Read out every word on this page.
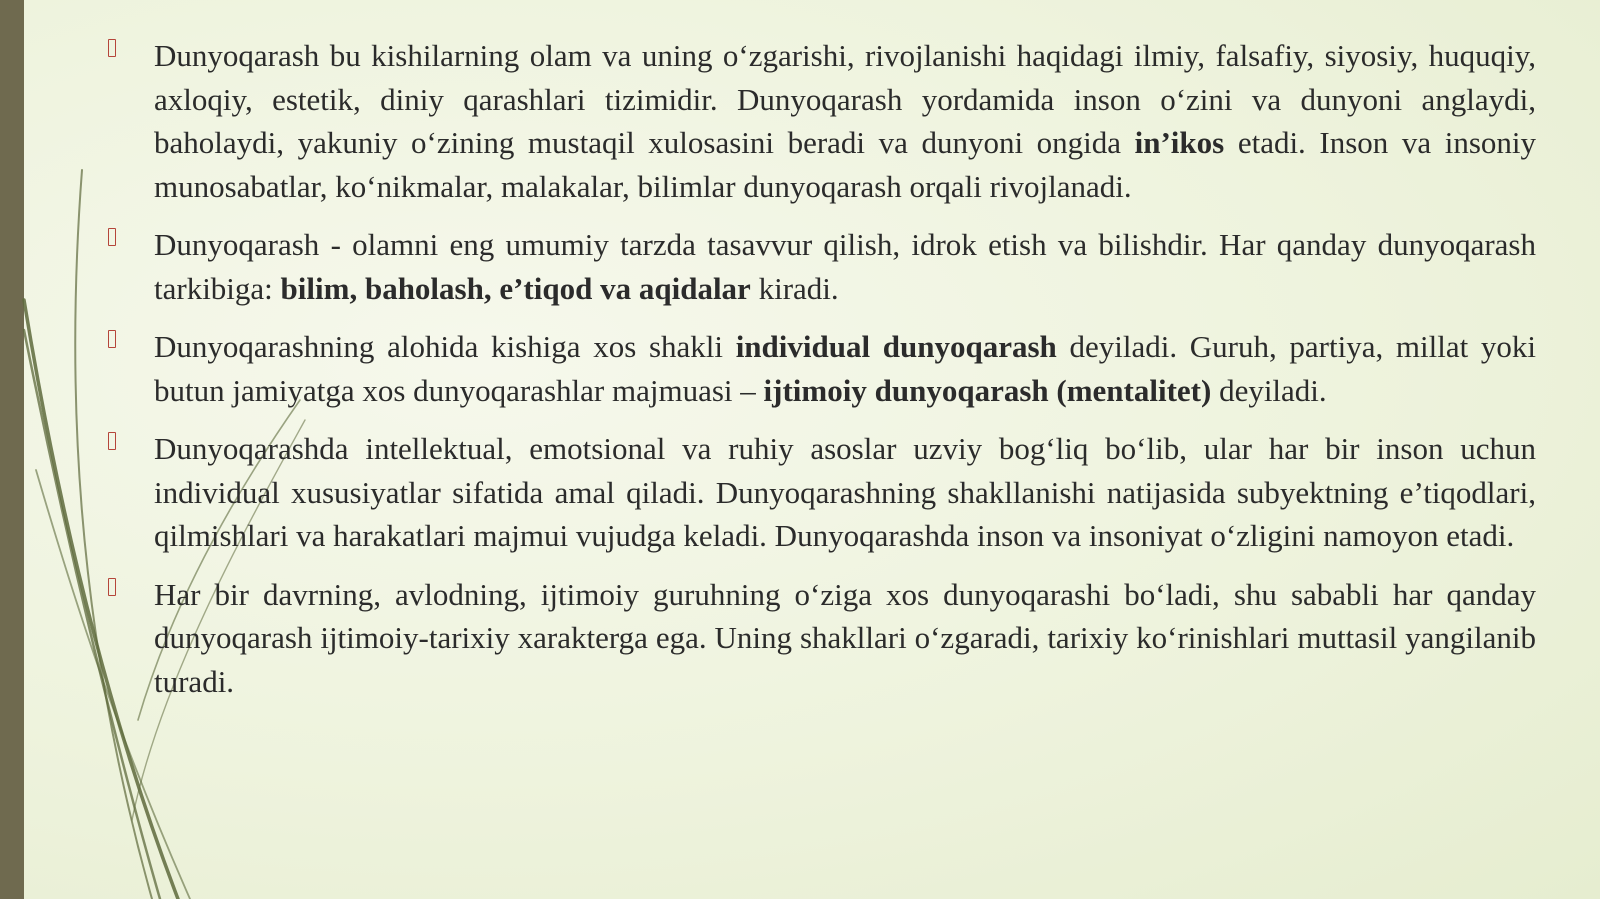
Dunyoqarash bu kishilarning olam va uning o‘zgarishi, rivojlanishi haqidagi ilmiy, falsafiy, siyosiy, huquqiy, axloqiy, estetik, diniy qarashlari tizimidir. Dunyoqarash yordamida inson o‘zini va dunyoni anglaydi, baholaydi, yakuniy o‘zining mustaqil xulosasini beradi va dunyoni ongida in’ikos etadi. Inson va insoniy munosabatlar, ko‘nikmalar, malakalar, bilimlar dunyoqarash orqali rivojlanadi.

Dunyoqarash - olamni eng umumiy tarzda tasavvur qilish, idrok etish va bilishdir. Har qanday dunyoqarash tarkibiga: bilim, baholash, e’tiqod va aqidalar kiradi.

Dunyoqarashning alohida kishiga xos shakli individual dunyoqarash deyiladi. Guruh, partiya, millat yoki butun jamiyatga xos dunyoqarashlar majmuasi – ijtimoiy dunyoqarash (mentalitet) deyiladi.

Dunyoqarashda intellektual, emotsional va ruhiy asoslar uzviy bog‘liq bo‘lib, ular har bir inson uchun individual xususiyatlar sifatida amal qiladi. Dunyoqarashning shakllanishi natijasida subyektning e’tiqodlari, qilmishlari va harakatlari majmui vujudga keladi. Dunyoqarashda inson va insoniyat o‘zligini namoyon etadi.

Har bir davrning, avlodning, ijtimoiy guruhning o‘ziga xos dunyoqarashi bo‘ladi, shu sababli har qanday dunyoqarash ijtimoiy-tarixiy xarakterga ega. Uning shakllari o‘zgaradi, tarixiy ko‘rinishlari muttasil yangilanib turadi.
